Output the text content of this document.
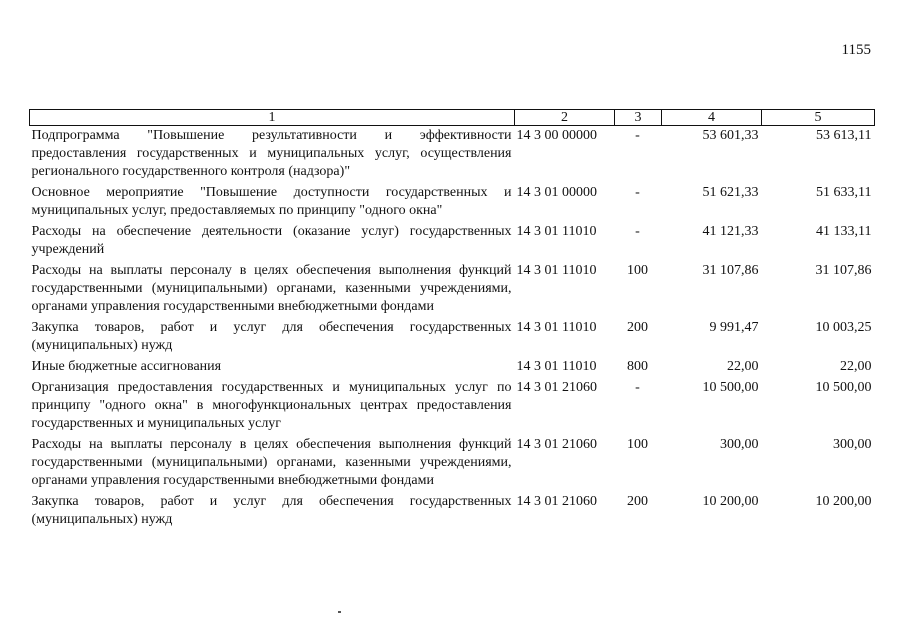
1155
1	2	3	4	5
Подпрограмма "Повышение результативности и эффективности предоставления государственных и муниципальных услуг, осуществления регионального государственного контроля (надзора)"	14 3 00 00000	-	53 601,33	53 613,11
Основное мероприятие "Повышение доступности государственных и муниципальных услуг, предоставляемых по принципу "одного окна"	14 3 01 00000	-	51 621,33	51 633,11
Расходы на обеспечение деятельности (оказание услуг) государственных учреждений	14 3 01 11010	-	41 121,33	41 133,11
Расходы на выплаты персоналу в целях обеспечения выполнения функций государственными (муниципальными) органами, казенными учреждениями, органами управления государственными внебюджетными фондами	14 3 01 11010	100	31 107,86	31 107,86
Закупка товаров, работ и услуг для обеспечения государственных (муниципальных) нужд	14 3 01 11010	200	9 991,47	10 003,25
Иные бюджетные ассигнования	14 3 01 11010	800	22,00	22,00
Организация предоставления государственных и муниципальных услуг по принципу "одного окна" в многофункциональных центрах предоставления государственных и муниципальных услуг	14 3 01 21060	-	10 500,00	10 500,00
Расходы на выплаты персоналу в целях обеспечения выполнения функций государственными (муниципальными) органами, казенными учреждениями, органами управления государственными внебюджетными фондами	14 3 01 21060	100	300,00	300,00
Закупка товаров, работ и услуг для обеспечения государственных (муниципальных) нужд	14 3 01 21060	200	10 200,00	10 200,00
